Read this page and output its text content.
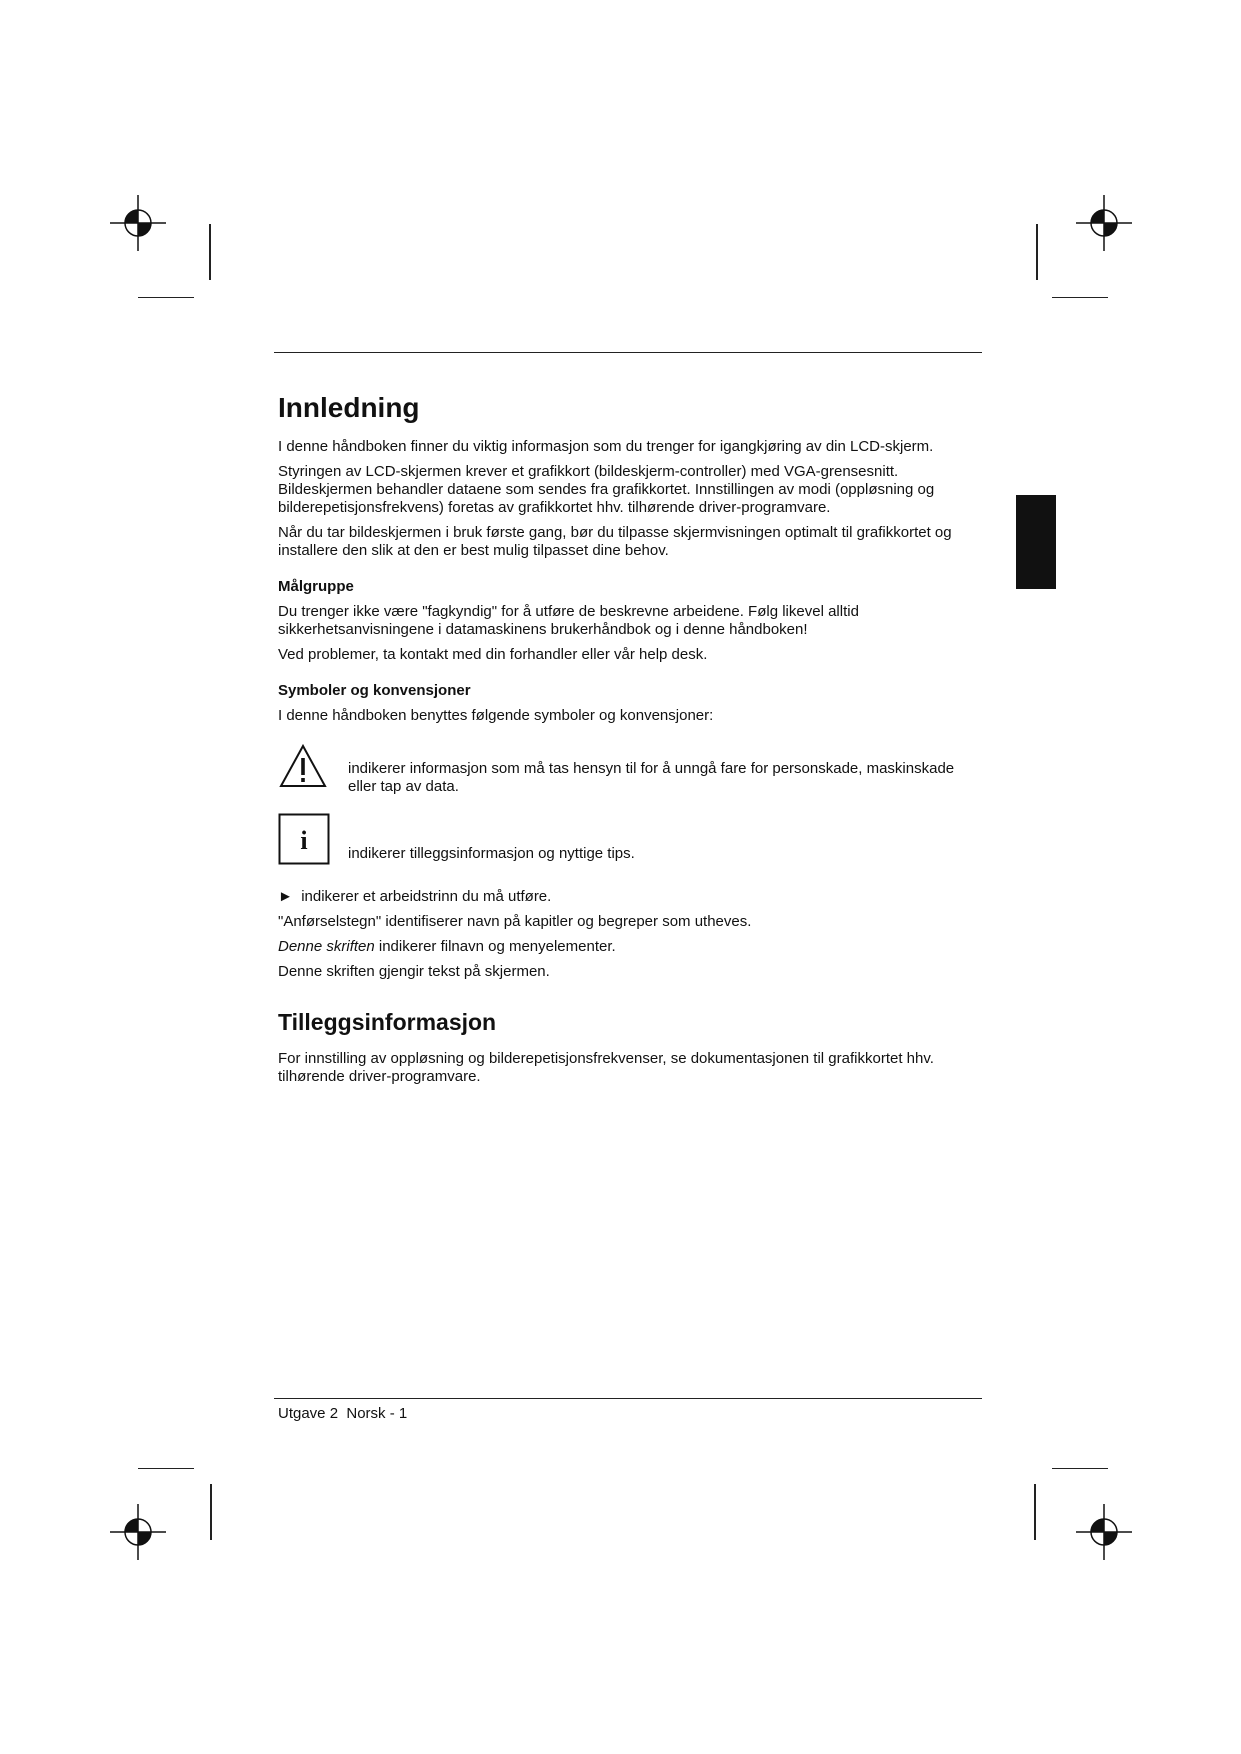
Innledning

I denne håndboken finner du viktig informasjon som du trenger for igangkjøring av din LCD-skjerm.

Styringen av LCD-skjermen krever et grafikkort (bildeskjerm-controller) med VGA-grensesnitt. Bildeskjermen behandler dataene som sendes fra grafikkortet. Innstillingen av modi (oppløsning og bilderepetisjonsfrekvens) foretas av grafikkortet hhv. tilhørende driver-programvare.

Når du tar bildeskjermen i bruk første gang, bør du tilpasse skjermvisningen optimalt til grafikkortet og installere den slik at den er best mulig tilpasset dine behov.

Målgruppe

Du trenger ikke være "fagkyndig" for å utføre de beskrevne arbeidene. Følg likevel alltid sikkerhetsanvisningene i datamaskinens brukerhåndbok og i denne håndboken!

Ved problemer, ta kontakt med din forhandler eller vår help desk.

Symboler og konvensjoner

I denne håndboken benyttes følgende symboler og konvensjoner:

indikerer informasjon som må tas hensyn til for å unngå fare for personskade, maskinskade eller tap av data.

i	indikerer tilleggsinformasjon og nyttige tips.

► indikerer et arbeidstrinn du må utføre.

"Anførselstegn" identifiserer navn på kapitler og begreper som utheves.

Denne skriften indikerer filnavn og menyelementer.

Denne skriften gjengir tekst på skjermen.

Tilleggsinformasjon

For innstilling av oppløsning og bilderepetisjonsfrekvenser, se dokumentasjonen til grafikkortet hhv. tilhørende driver-programvare.

Utgave 2  Norsk - 1
